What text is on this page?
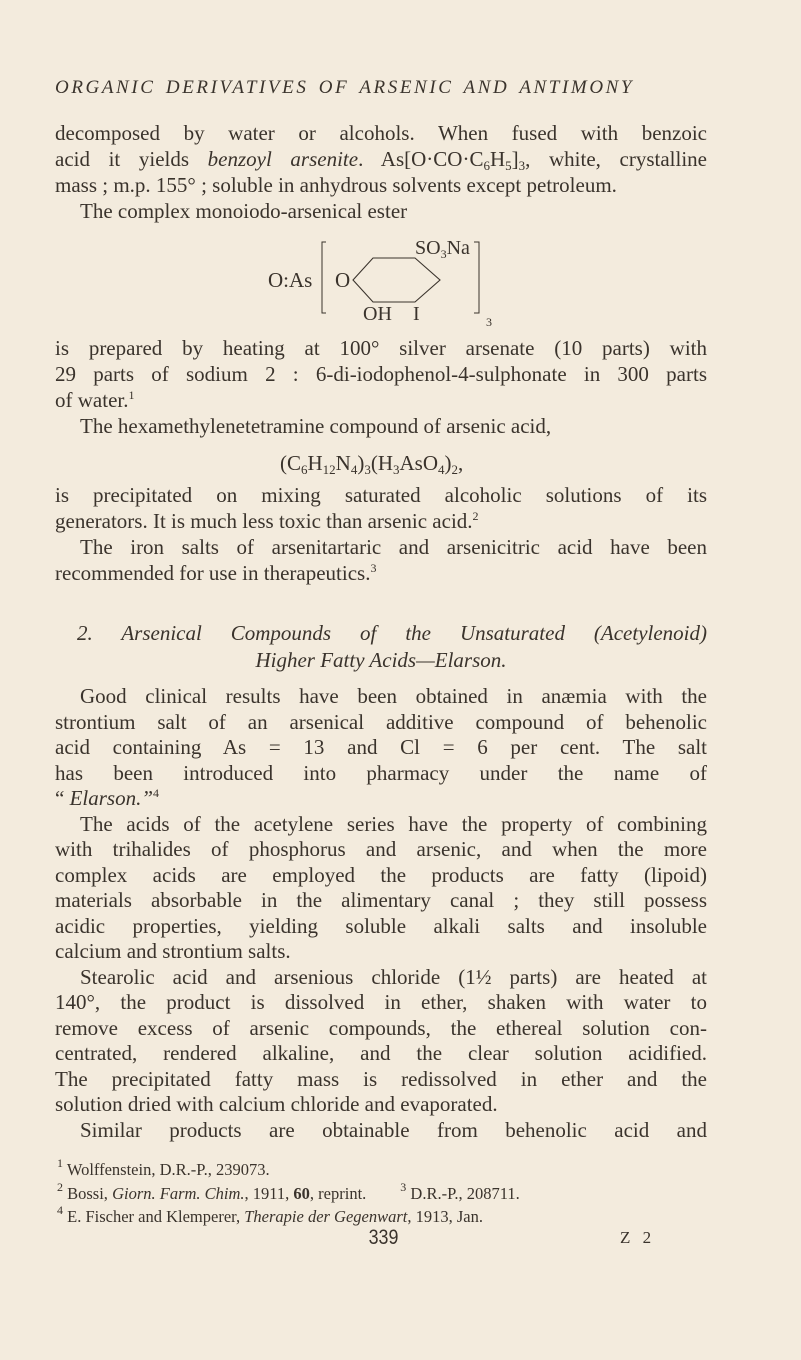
ORGANIC DERIVATIVES OF ARSENIC AND ANTIMONY
decomposed by water or alcohols. When fused with benzoic
acid it yields benzoyl arsenite. $As[O\cdot CO\cdot C_6H_5]_3$, white, crystalline
mass ; m.p. 155° ; soluble in anhydrous solvents except petroleum.
The complex monoiodo-arsenical ester
O:As O
$SO_3Na$
OH I	3
is prepared by heating at 100° silver arsenate (10 parts) with
29 parts of sodium 2 : 6-di-iodophenol-4-sulphonate in 300 parts
of water.$^1$
The hexamethylenetetramine compound of arsenic acid,
$(C_6H_{12}N_4)_3(H_3AsO_4)_2$,
is precipitated on mixing saturated alcoholic solutions of its
generators. It is much less toxic than arsenic acid.$^2$
The iron salts of arsenitartaric and arsenicitric acid have been
recommended for use in therapeutics.$^3$
2. Arsenical Compounds of the Unsaturated (Acetylenoid)
Higher Fatty Acids—Elarson.
Good clinical results have been obtained in anæmia with the
strontium salt of an arsenical additive compound of behenolic
acid containing As = 13 and Cl = 6 per cent. The salt
has been introduced into pharmacy under the name of
“ Elarson.”$^4$
The acids of the acetylene series have the property of combining
with trihalides of phosphorus and arsenic, and when the more
complex acids are employed the products are fatty (lipoid)
materials absorbable in the alimentary canal ; they still possess
acidic properties, yielding soluble alkali salts and insoluble
calcium and strontium salts.
Stearolic acid and arsenious chloride (1½ parts) are heated at
140°, the product is dissolved in ether, shaken with water to
remove excess of arsenic compounds, the ethereal solution con-
centrated, rendered alkaline, and the clear solution acidified.
The precipitated fatty mass is redissolved in ether and the
solution dried with calcium chloride and evaporated.
Similar products are obtainable from behenolic acid and
$^1$ Wolffenstein, D.R.-P., 239073.
$^2$ Bossi, Giorn. Farm. Chim., 1911, 60, reprint.	$^3$ D.R.-P., 208711.
$^4$ E. Fischer and Klemperer, Therapie der Gegenwart, 1913, Jan.
339	Z 2
